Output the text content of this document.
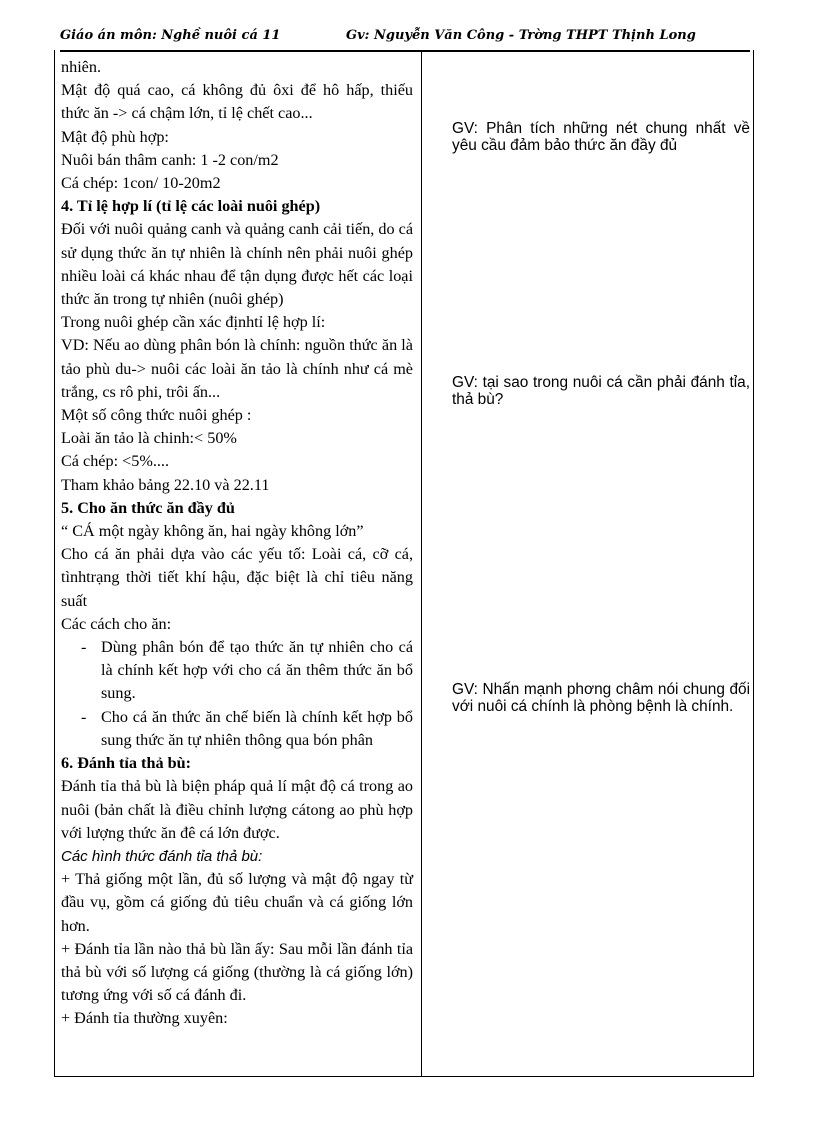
Giáo án môn: Nghề nuôi cá 11	Gv: Nguyễn Văn Công - Trờng THPT Thịnh Long

nhiên.

Mật độ quá cao, cá không đủ ôxi để hô hấp, thiếu thức ăn -> cá chậm lớn, tỉ lệ chết cao...

Mật độ phù hợp:

Nuôi bán thâm canh: 1 -2 con/m2

Cá chép: 1con/ 10-20m2

4. Tỉ lệ hợp lí (tỉ lệ các loài nuôi ghép)

Đối với nuôi quảng canh và quảng canh cải tiến, do cá sử dụng thức ăn tự nhiên là chính nên phải nuôi ghép nhiều loài cá khác nhau để tận dụng được hết các loại thức ăn trong tự nhiên (nuôi ghép)

Trong nuôi ghép cần xác địnhtỉ lệ hợp lí:

VD: Nếu ao dùng phân bón là chính: nguồn thức ăn là tảo phù du-> nuôi các loài ăn tảo là chính như cá mè trắng, cs rô phi, trôi ấn...

Một số công thức nuôi ghép :

Loài ăn tảo là chinh:< 50%

Cá chép: <5%....

Tham khảo bảng 22.10 và 22.11

5. Cho ăn thức ăn đầy đủ

“ CÁ một ngày không ăn, hai ngày không lớn”

Cho cá ăn phải dựa vào các yếu tố: Loài cá, cỡ cá, tìnhtrạng thời tiết khí hậu, đặc biệt là chỉ tiêu năng suất

Các cách cho ăn:

- Dùng phân bón để tạo thức ăn tự nhiên cho cá là chính kết hợp với cho cá ăn thêm thức ăn bổ sung.
- Cho cá ăn thức ăn chế biến là chính kết hợp bổ sung thức ăn tự nhiên thông qua bón phân

6. Đánh tỉa thả bù:

Đánh tỉa thả bù là biện pháp quả lí mật độ cá trong ao nuôi (bản chất là điều chỉnh lượng cátong ao phù hợp với lượng thức ăn đê cá lớn được.

Các hình thức đánh tỉa thả bù:

+ Thả giống một lần, đủ số lượng và mật độ ngay từ đầu vụ, gồm cá giống đủ tiêu chuẩn và cá giống lớn hơn.

+ Đánh tỉa lần nào thả bù lần ấy: Sau mỗi lần đánh tỉa thả bù với số lượng cá giống (thường là cá giống lớn) tương ứng với số cá đánh đi.

+ Đánh tỉa thường xuyên:

GV: Phân tích những nét chung nhất về yêu cầu đảm bảo thức ăn đầy đủ
GV: tại sao trong nuôi cá cần phải đánh tỉa, thả bù?
GV: Nhấn mạnh phơng châm nói chung đối với nuôi cá chính là phòng bệnh là chính.
